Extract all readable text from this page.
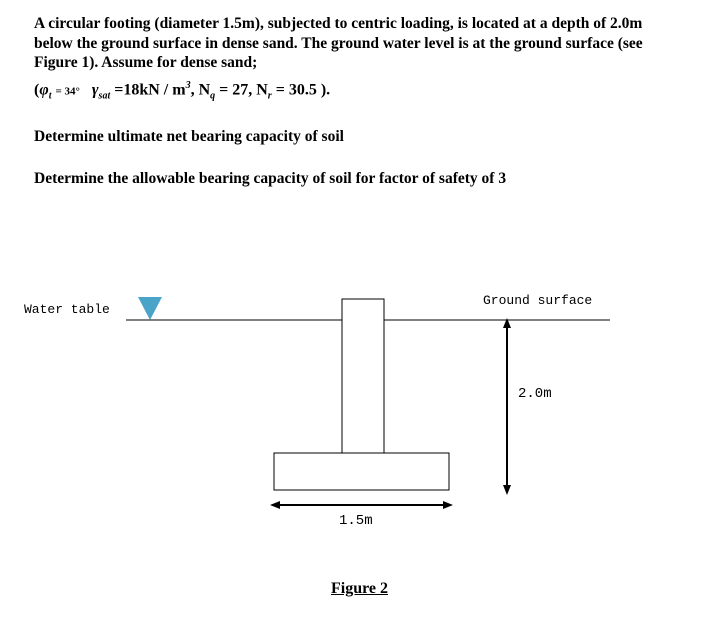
A circular footing (diameter 1.5m), subjected to centric loading, is located at a depth of 2.0m below the ground surface in dense sand. The ground water level is at the ground surface (see Figure 1). Assume for dense sand;

($\varphi_t = 34^\circ$ $\gamma_{sat} =18kN / m^3$, $N_q = 27$, $N_r = 30.5$ ).
Determine ultimate net bearing capacity of soil
Determine the allowable bearing capacity of soil for factor of safety of 3
Water table
Ground surface
2.0m
1.5m
Figure 2
